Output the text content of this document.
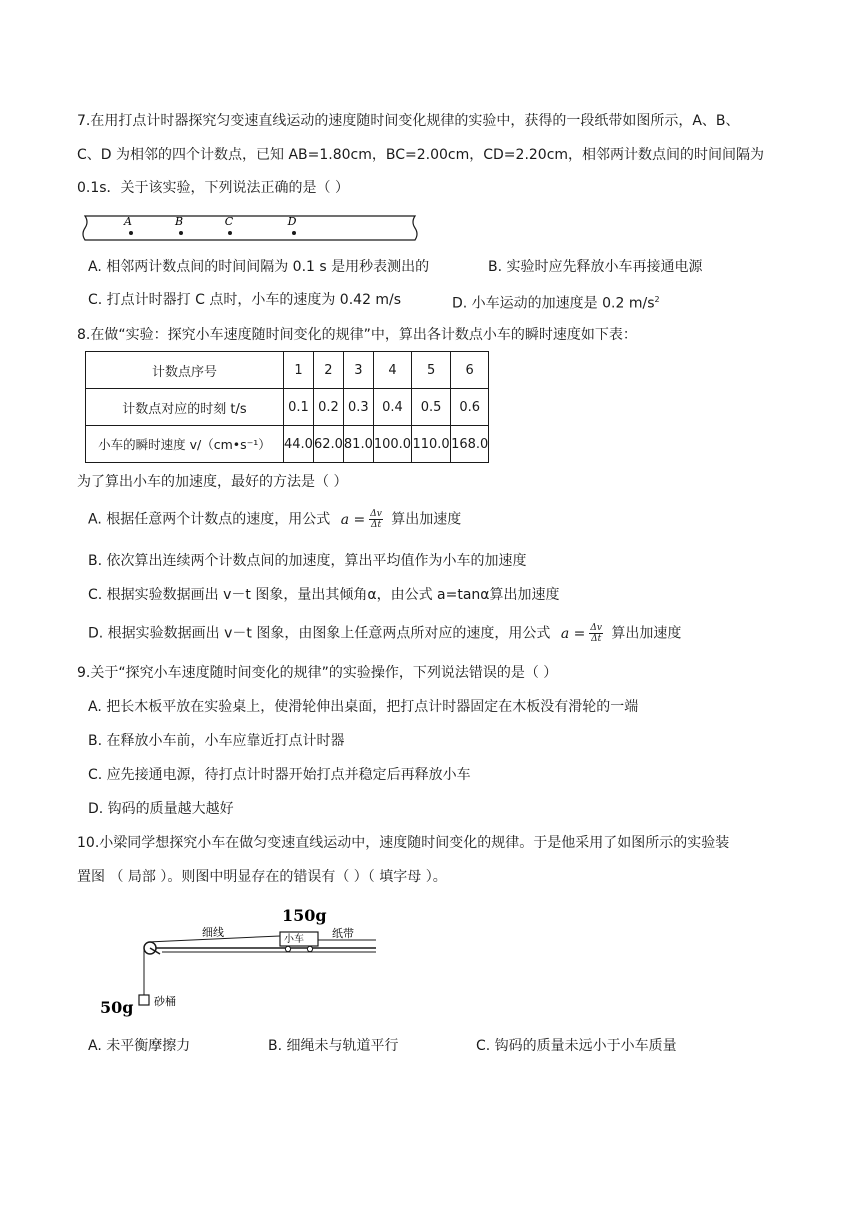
7.在用打点计时器探究匀变速直线运动的速度随时间变化规律的实验中，获得的一段纸带如图所示，A、B、
C、D 为相邻的四个计数点，已知 AB=1.80cm，BC=2.00cm，CD=2.20cm，相邻两计数点间的时间间隔为
0.1s．关于该实验，下列说法正确的是（ ）
A	B	C	D
A. 相邻两计数点间的时间间隔为 0.1 s 是用秒表测出的	B. 实验时应先释放小车再接通电源
C. 打点计时器打 C 点时，小车的速度为 0.42 m/s	D. 小车运动的加速度是 0.2 $m/s^2$
8.在做“实验：探究小车速度随时间变化的规律”中，算出各计数点小车的瞬时速度如下表：
计数点序号	1	2	3	4	5	6
计数点对应的时刻 t/s	0.1	0.2	0.3	0.4	0.5	0.6
小车的瞬时速度 v/（cm•s⁻¹）	44.0	62.0	81.0	100.0	110.0	168.0
为了算出小车的加速度，最好的方法是（ ）
A. 根据任意两个计数点的速度，用公式 $a = \frac{\Delta v}{\Delta t}$ 算出加速度
B. 依次算出连续两个计数点间的加速度，算出平均值作为小车的加速度
C. 根据实验数据画出 v－t 图象，量出其倾角α，由公式 a=tanα算出加速度
D. 根据实验数据画出 v－t 图象，由图象上任意两点所对应的速度，用公式 $a = \frac{\Delta v}{\Delta t}$ 算出加速度
9.关于“探究小车速度随时间变化的规律”的实验操作，下列说法错误的是（ ）
A. 把长木板平放在实验桌上，使滑轮伸出桌面，把打点计时器固定在木板没有滑轮的一端
B. 在释放小车前，小车应靠近打点计时器
C. 应先接通电源，待打点计时器开始打点并稳定后再释放小车
D. 钩码的质量越大越好
10.小梁同学想探究小车在做匀变速直线运动中，速度随时间变化的规律。于是他采用了如图所示的实验装
置图 （ 局部 ）。则图中明显存在的错误有（ ）（ 填字母 ）。
150g
小车
细线	纸带
50g 砂桶
A. 未平衡摩擦力	B. 细绳未与轨道平行	C. 钩码的质量未远小于小车质量
